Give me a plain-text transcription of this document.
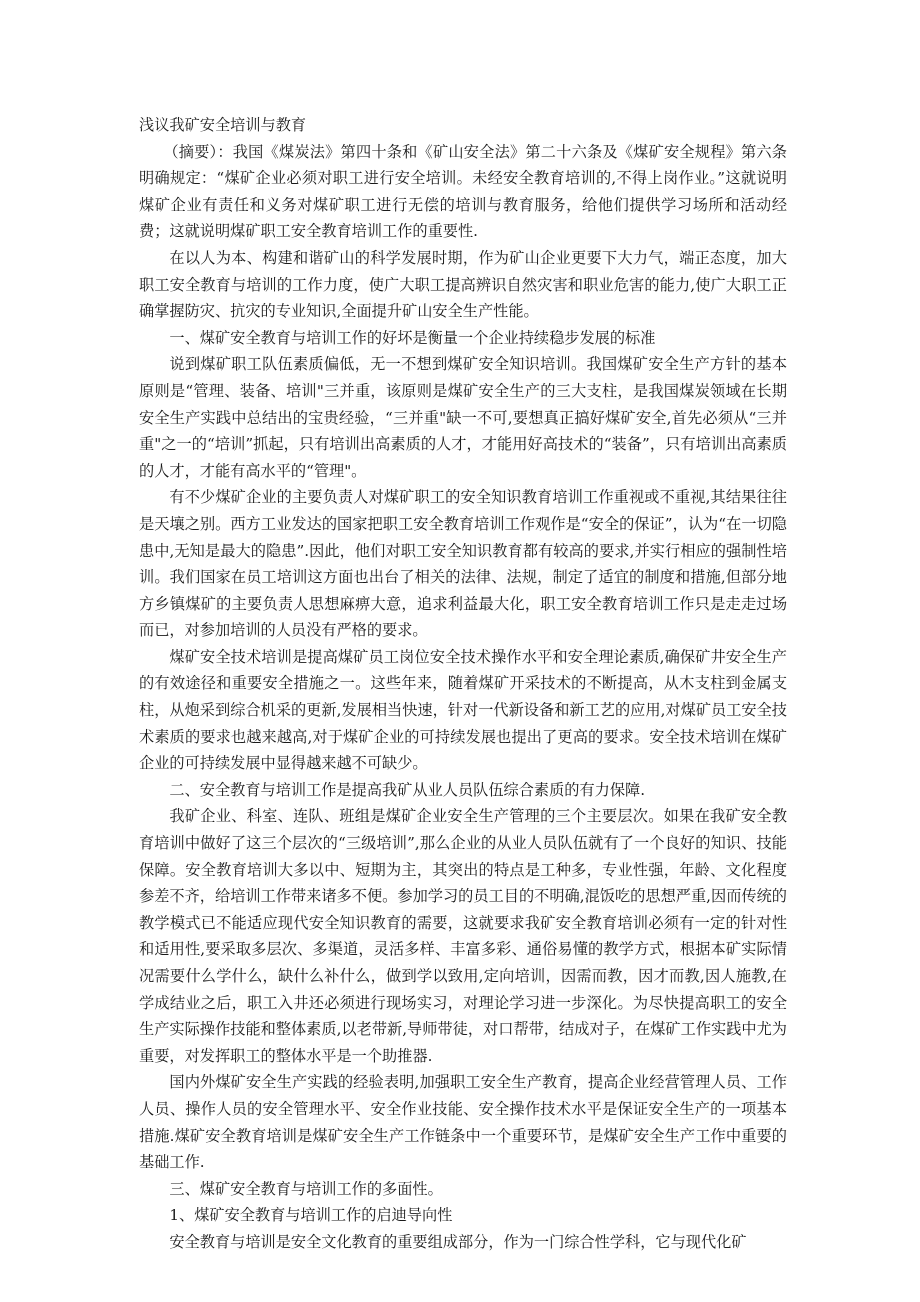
浅议我矿安全培训与教育

（摘要）：我国《煤炭法》第四十条和《矿山安全法》第二十六条及《煤矿安全规程》第六条明确规定：“煤矿企业必须对职工进行安全培训。未经安全教育培训的,不得上岗作业。”这就说明煤矿企业有责任和义务对煤矿职工进行无偿的培训与教育服务，给他们提供学习场所和活动经费；这就说明煤矿职工安全教育培训工作的重要性.

在以人为本、构建和谐矿山的科学发展时期，作为矿山企业更要下大力气，端正态度，加大职工安全教育与培训的工作力度，使广大职工提高辨识自然灾害和职业危害的能力,使广大职工正确掌握防灾、抗灾的专业知识,全面提升矿山安全生产性能。

一、煤矿安全教育与培训工作的好坏是衡量一个企业持续稳步发展的标准

说到煤矿职工队伍素质偏低，无一不想到煤矿安全知识培训。我国煤矿安全生产方针的基本原则是“管理、装备、培训"三并重，该原则是煤矿安全生产的三大支柱，是我国煤炭领域在长期安全生产实践中总结出的宝贵经验，“三并重"缺一不可,要想真正搞好煤矿安全,首先必须从“三并重"之一的“培训”抓起，只有培训出高素质的人才，才能用好高技术的“装备”，只有培训出高素质的人才，才能有高水平的“管理"。

有不少煤矿企业的主要负责人对煤矿职工的安全知识教育培训工作重视或不重视,其结果往往是天壤之别。西方工业发达的国家把职工安全教育培训工作观作是“安全的保证”，认为“在一切隐患中,无知是最大的隐患”.因此，他们对职工安全知识教育都有较高的要求,并实行相应的强制性培训。我们国家在员工培训这方面也出台了相关的法律、法规，制定了适宜的制度和措施,但部分地方乡镇煤矿的主要负责人思想麻痹大意，追求利益最大化，职工安全教育培训工作只是走走过场而已，对参加培训的人员没有严格的要求。

煤矿安全技术培训是提高煤矿员工岗位安全技术操作水平和安全理论素质,确保矿井安全生产的有效途径和重要安全措施之一。这些年来，随着煤矿开采技术的不断提高，从木支柱到金属支柱，从炮采到综合机采的更新,发展相当快速，针对一代新设备和新工艺的应用,对煤矿员工安全技术素质的要求也越来越高,对于煤矿企业的可持续发展也提出了更高的要求。安全技术培训在煤矿企业的可持续发展中显得越来越不可缺少。

二、安全教育与培训工作是提高我矿从业人员队伍综合素质的有力保障.

我矿企业、科室、连队、班组是煤矿企业安全生产管理的三个主要层次。如果在我矿安全教育培训中做好了这三个层次的“三级培训”,那么企业的从业人员队伍就有了一个良好的知识、技能保障。安全教育培训大多以中、短期为主，其突出的特点是工种多，专业性强，年龄、文化程度参差不齐，给培训工作带来诸多不便。参加学习的员工目的不明确,混饭吃的思想严重,因而传统的教学模式已不能适应现代安全知识教育的需要，这就要求我矿安全教育培训必须有一定的针对性和适用性,要采取多层次、多渠道，灵活多样、丰富多彩、通俗易懂的教学方式，根据本矿实际情况需要什么学什么，缺什么补什么，做到学以致用,定向培训，因需而教，因才而教,因人施教,在学成结业之后，职工入井还必须进行现场实习，对理论学习进一步深化。为尽快提高职工的安全生产实际操作技能和整体素质,以老带新,导师带徒，对口帮带，结成对子，在煤矿工作实践中尤为重要，对发挥职工的整体水平是一个助推器.

国内外煤矿安全生产实践的经验表明,加强职工安全生产教育，提高企业经营管理人员、工作人员、操作人员的安全管理水平、安全作业技能、安全操作技术水平是保证安全生产的一项基本措施.煤矿安全教育培训是煤矿安全生产工作链条中一个重要环节，是煤矿安全生产工作中重要的基础工作.

三、煤矿安全教育与培训工作的多面性。

1、煤矿安全教育与培训工作的启迪导向性

安全教育与培训是安全文化教育的重要组成部分，作为一门综合性学科，它与现代化矿
